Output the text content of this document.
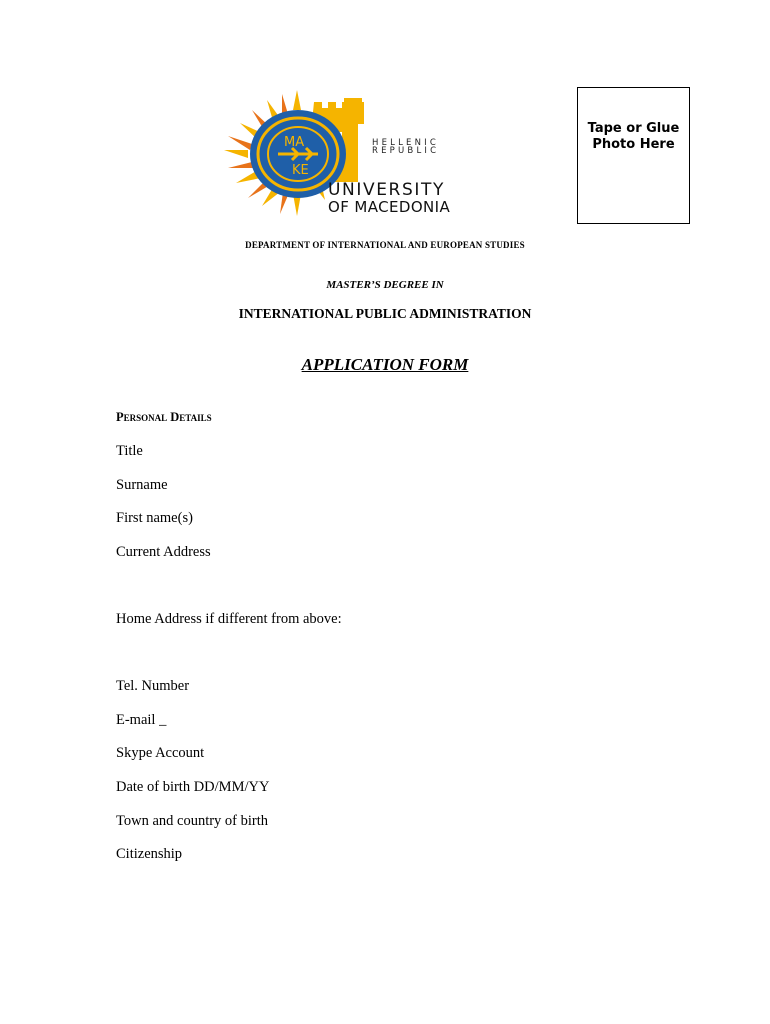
MA
KE
HELLENIC
REPUBLIC
UNIVERSITY
OF MACEDONIA
Tape or Glue
Photo Here
DEPARTMENT OF INTERNATIONAL AND EUROPEAN STUDIES
MASTER’S DEGREE IN
INTERNATIONAL PUBLIC ADMINISTRATION
APPLICATION FORM
Personal Details
Title
Surname
First name(s)
Current Address
Home Address if different from above:
Tel. Number
E-mail _
Skype Account
Date of birth DD/MM/YY
Town and country of birth
Citizenship
